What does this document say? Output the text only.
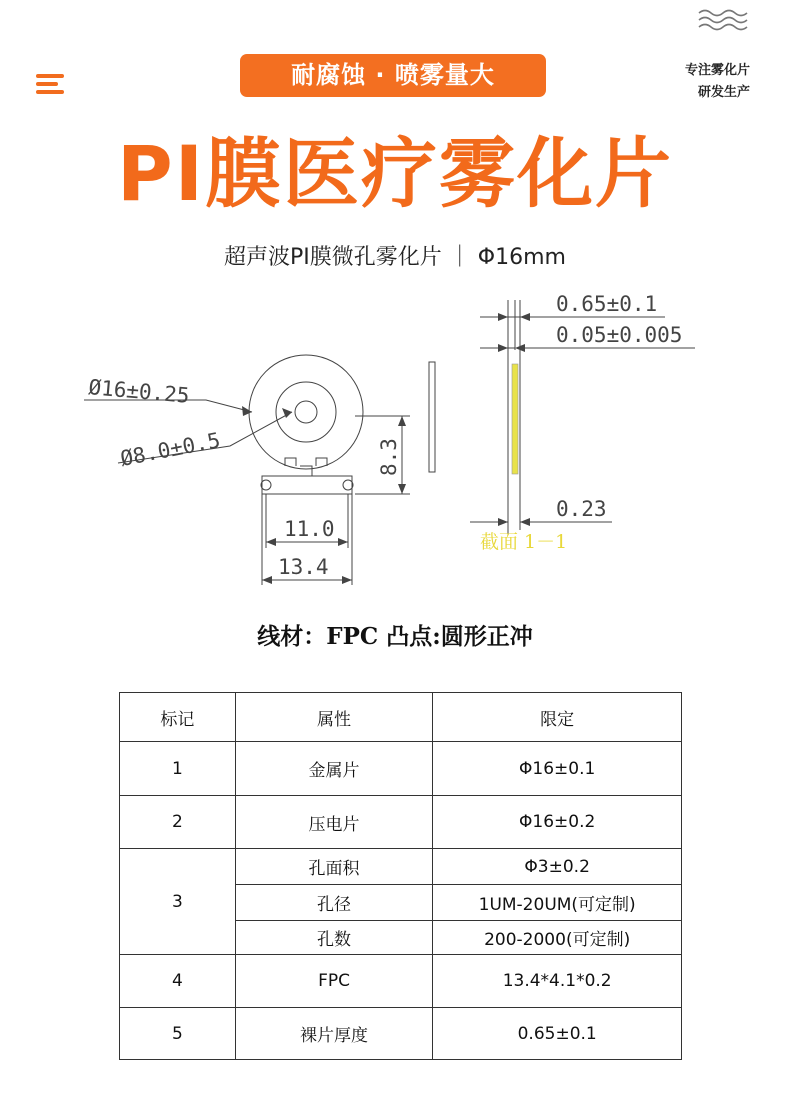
耐腐蚀 · 喷雾量大	专注雾化片
研发生产
PI膜医疗雾化片
超声波PI膜微孔雾化片 ｜ Φ16mm
Ø16±0.25
Ø8.0±0.5	8.3
11.0
13.4
0.65±0.1
0.05±0.005
0.23
截面 1－1
线材：FPC 凸点:圆形正冲
标记	属性	限定
1	金属片	Φ16±0.1
2	压电片	Φ16±0.2
3	孔面积	Φ3±0.2
	孔径	1UM-20UM(可定制)
	孔数	200-2000(可定制)
4	FPC	13.4*4.1*0.2
5	裸片厚度	0.65±0.1
